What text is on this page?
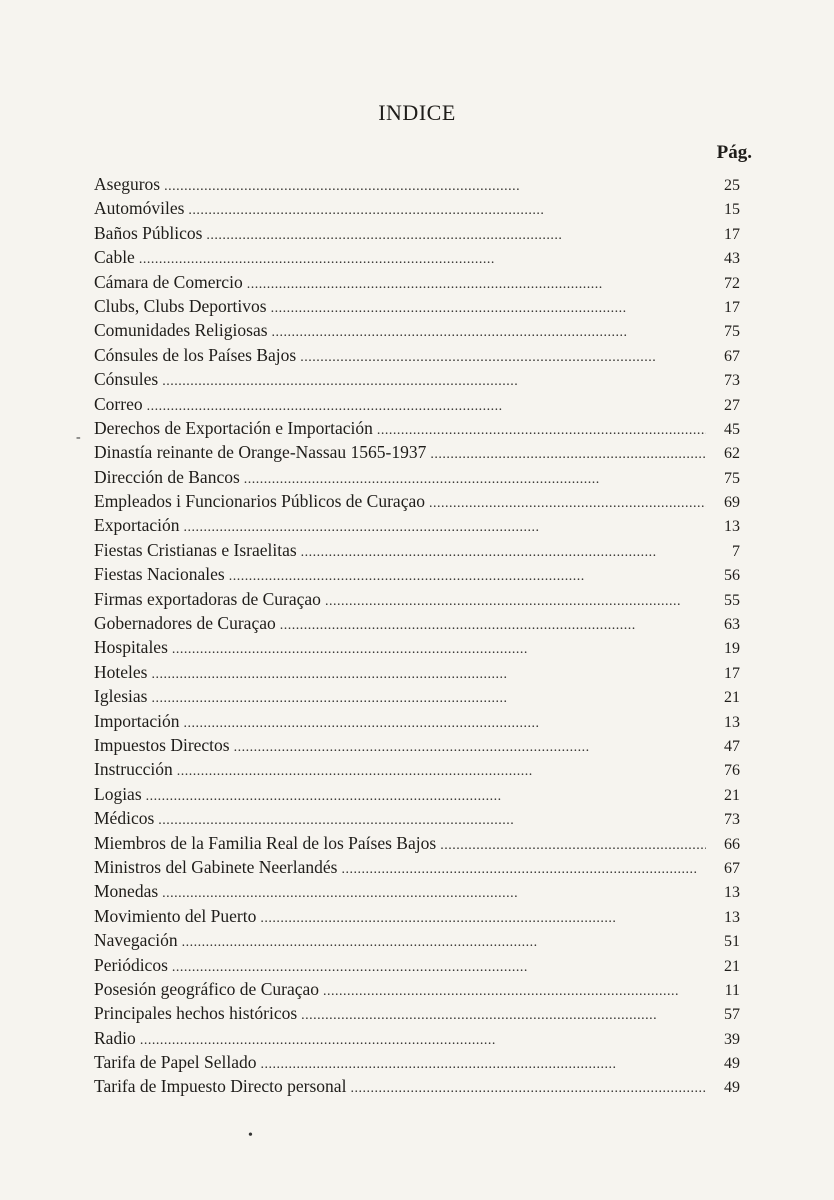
INDICE
Pág.
Aseguros . . .	25
Automóviles . . .	15
Baños Públicos . . .	17
Cable . . .	43
Cámara de Comercio . . .	72
Clubs, Clubs Deportivos . . .	17
Comunidades Religiosas . . .	75
Cónsules de los Países Bajos . . .	67
Cónsules . . .	73
Correo . . .	27
Derechos de Exportación e Importación . . .	45
Dinastía reinante de Orange-Nassau 1565-1937 . . .	62
Dirección de Bancos . . .	75
Empleados i Funcionarios Públicos de Curaçao . . .	69
Exportación . . .	13
Fiestas Cristianas e Israelitas . . .	7
Fiestas Nacionales . . .	56
Firmas exportadoras de Curaçao . . .	55
Gobernadores de Curaçao . . .	63
Hospitales . . .	19
Hoteles . . .	17
Iglesias . . .	21
Importación . . .	13
Impuestos Directos . . .	47
Instrucción . . .	76
Logias . . .	21
Médicos . . .	73
Miembros de la Familia Real de los Países Bajos . . .	66
Ministros del Gabinete Neerlandés . . .	67
Monedas . . .	13
Movimiento del Puerto . . .	13
Navegación . . .	51
Periódicos . . .	21
Posesión geográfico de Curaçao . . .	11
Principales hechos históricos . . .	57
Radio . . .	39
Tarifa de Papel Sellado . . .	49
Tarifa de Impuesto Directo personal . . .	49
-
•
